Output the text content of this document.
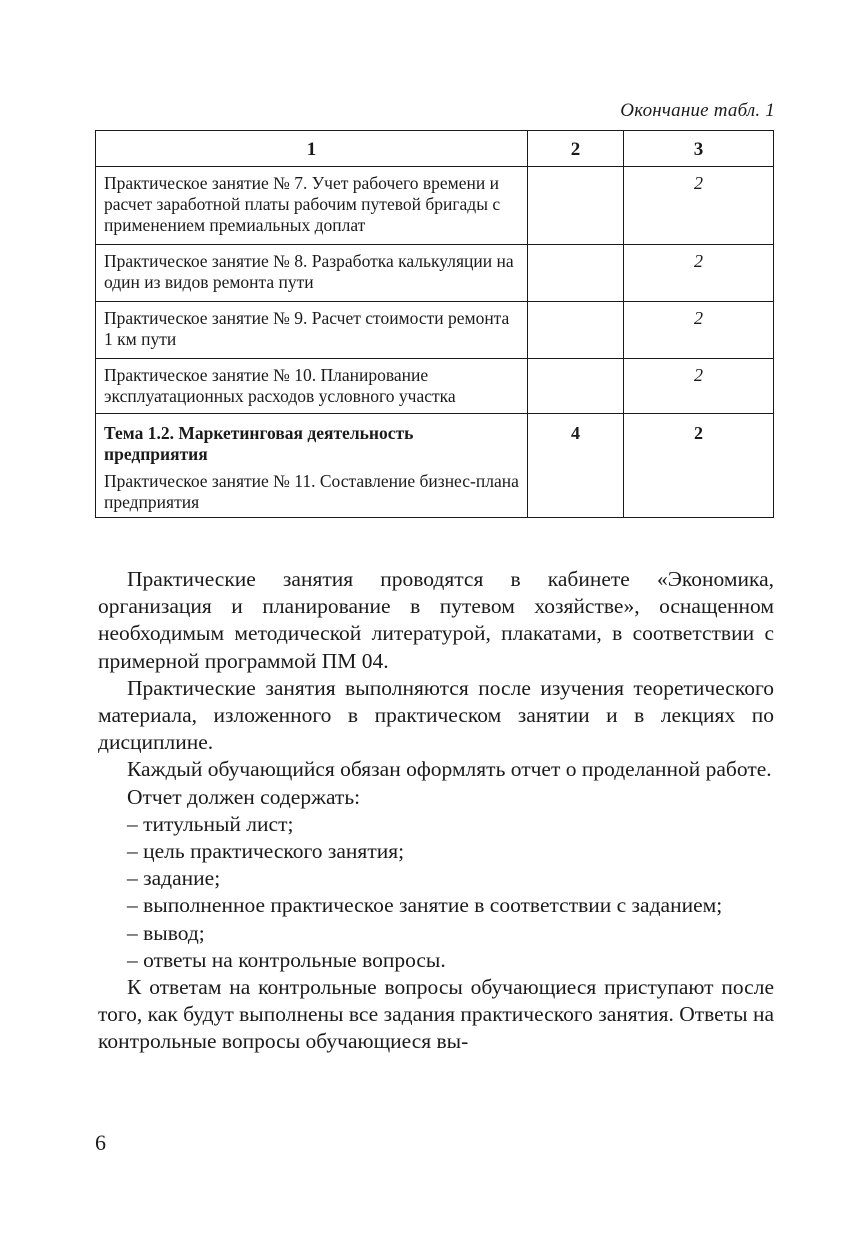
Окончание табл. 1
1	2	3
Практическое занятие № 7. Учет рабочего времени и расчет заработной платы рабочим путевой бригады с применением премиальных доплат		2
Практическое занятие № 8. Разработка калькуляции на один из видов ремонта пути		2
Практическое занятие № 9. Расчет стоимости ремонта 1 км пути		2
Практическое занятие № 10. Планирование эксплуатационных расходов условного участка		2

Тема 1.2. Маркетинговая деятельность предприятия
Практическое занятие № 11. Составление бизнес-плана предприятия	4	2

Практические занятия проводятся в кабинете «Экономика, организация и планирование в путевом хозяйстве», оснащенном необходимым методической литературой, плакатами, в соответствии с примерной программой ПМ 04.

Практические занятия выполняются после изучения теоретического материала, изложенного в практическом занятии и в лекциях по дисциплине.

Каждый обучающийся обязан оформлять отчет о проделанной работе.

Отчет должен содержать:

– титульный лист;

– цель практического занятия;

– задание;

– выполненное практическое занятие в соответствии с заданием;

– вывод;

– ответы на контрольные вопросы.

К ответам на контрольные вопросы обучающиеся приступают после того, как будут выполнены все задания практического занятия. Ответы на контрольные вопросы обучающиеся вы-

6
